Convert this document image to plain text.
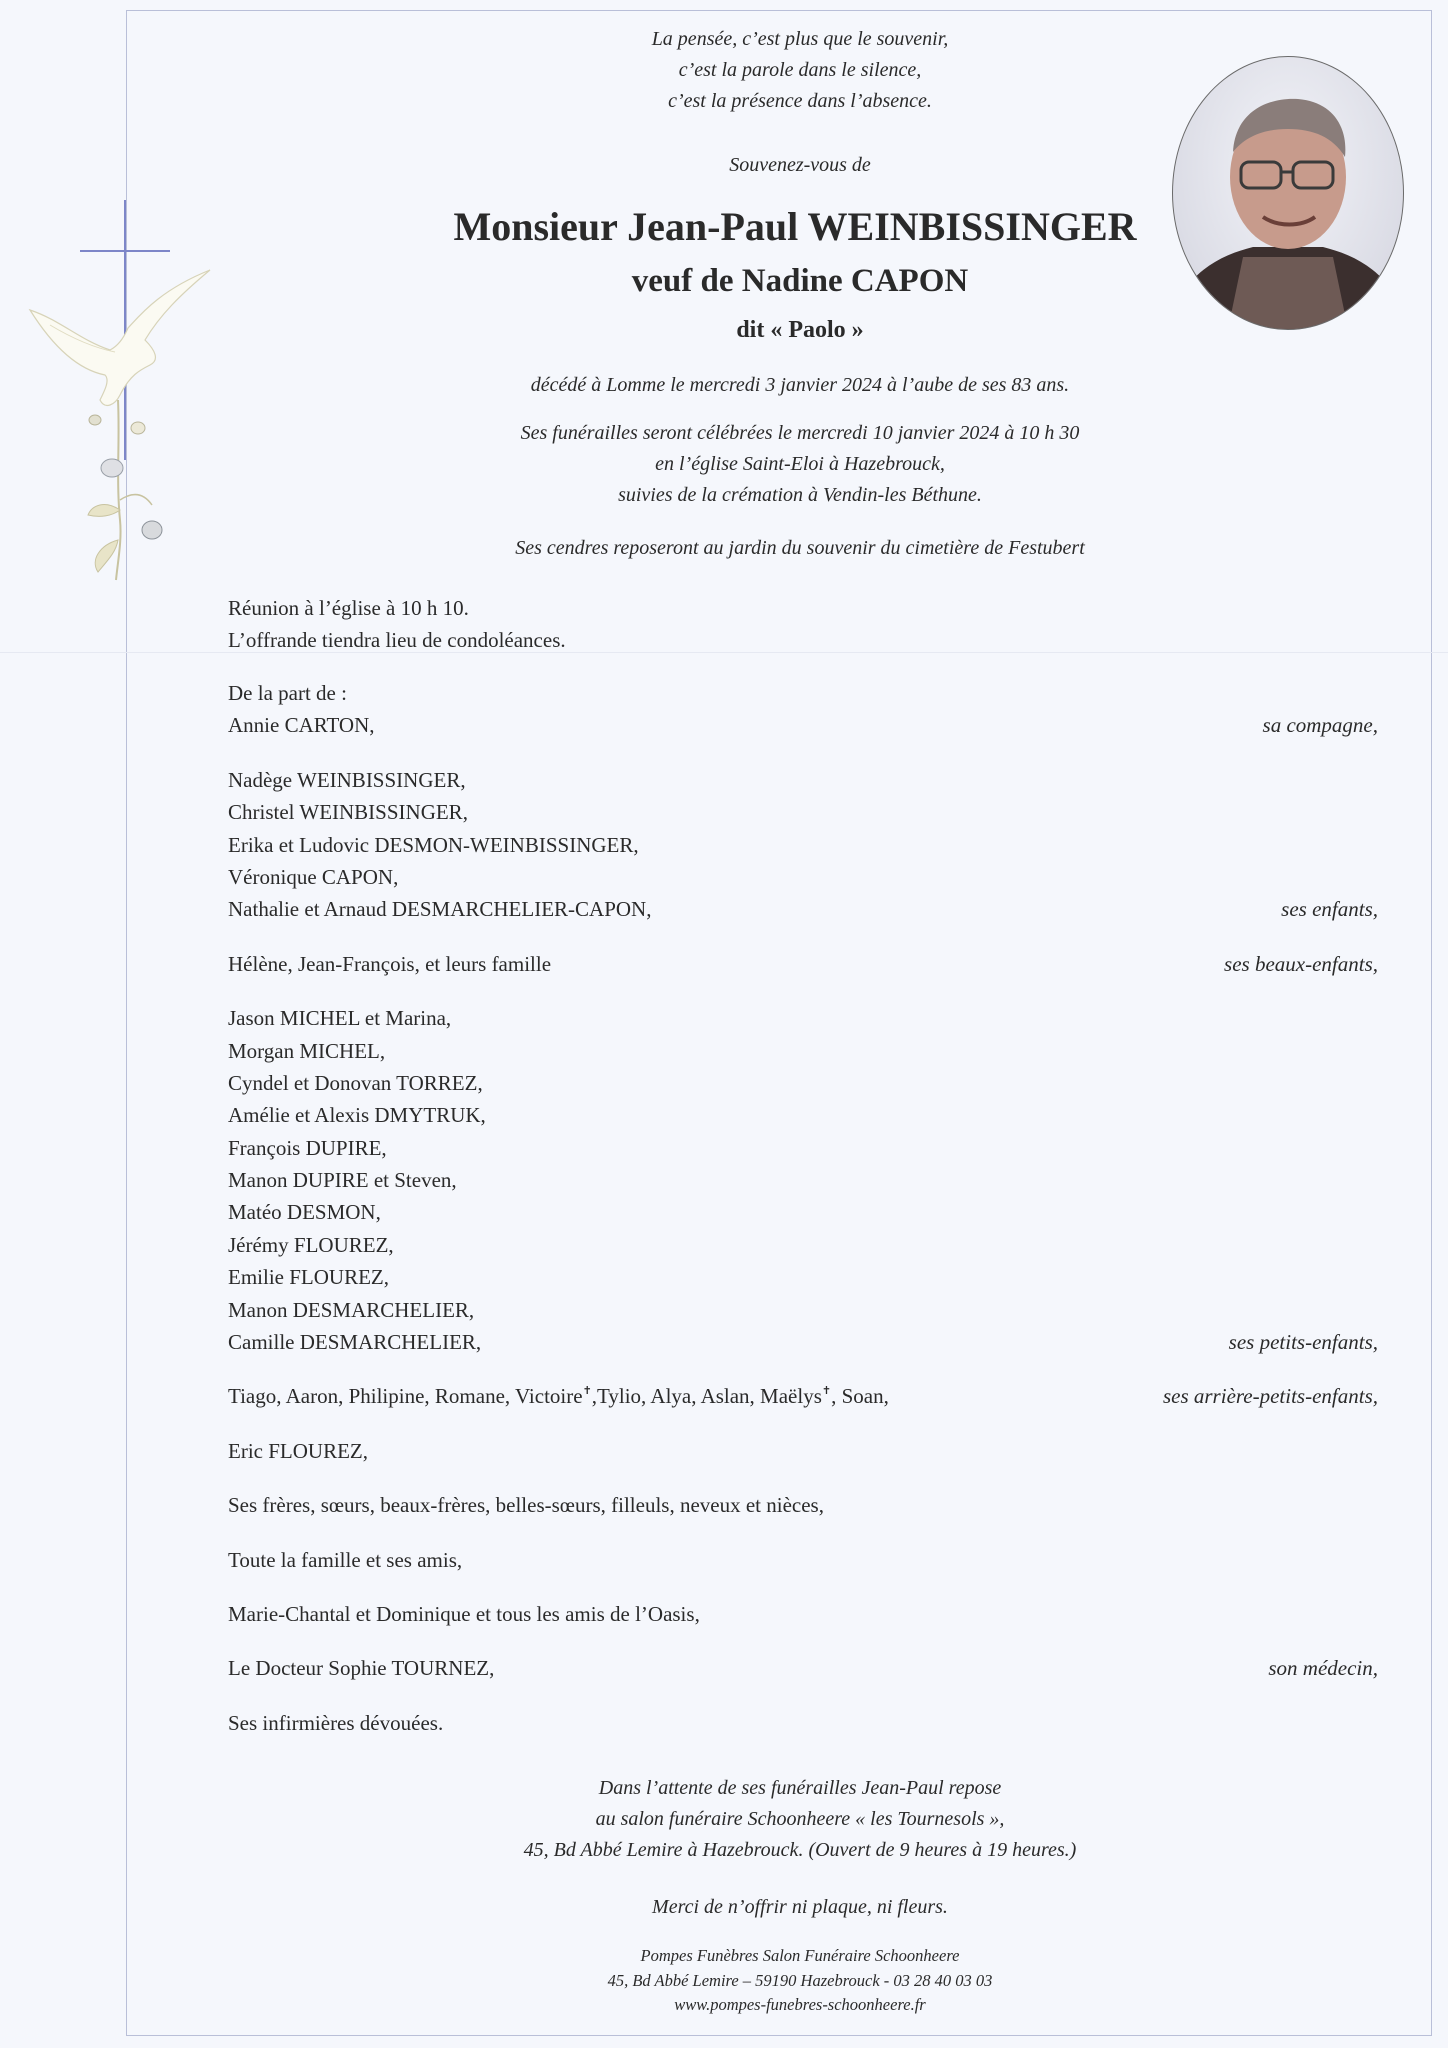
La pensée, c’est plus que le souvenir,
c’est la parole dans le silence,
c’est la présence dans l’absence.
Souvenez-vous de
Monsieur Jean-Paul WEINBISSINGER
veuf de Nadine CAPON
dit « Paolo »
décédé à Lomme le mercredi 3 janvier 2024 à l’aube de ses 83 ans.
Ses funérailles seront célébrées le mercredi 10 janvier 2024 à 10 h 30
en l’église Saint-Eloi à Hazebrouck,
suivies de la crémation à Vendin-les Béthune.
Ses cendres reposeront au jardin du souvenir du cimetière de Festubert
Réunion à l’église à 10 h 10.
L’offrande tiendra lieu de condoléances.
De la part de :
Annie CARTON,	sa compagne,
Nadège WEINBISSINGER,
Christel WEINBISSINGER,
Erika et Ludovic DESMON-WEINBISSINGER,
Véronique CAPON,
Nathalie et Arnaud DESMARCHELIER-CAPON,	ses enfants,
Hélène, Jean-François, et leurs famille	ses beaux-enfants,
Jason MICHEL et Marina,
Morgan MICHEL,
Cyndel et Donovan TORREZ,
Amélie et Alexis DMYTRUK,
François DUPIRE,
Manon DUPIRE et Steven,
Matéo DESMON,
Jérémy FLOUREZ,
Emilie FLOUREZ,
Manon DESMARCHELIER,
Camille DESMARCHELIER,	ses petits-enfants,
Tiago, Aaron, Philipine, Romane, Victoire✝,Tylio, Alya, Aslan, Maëlys✝, Soan,	ses arrière-petits-enfants,
Eric FLOUREZ,
Ses frères, sœurs, beaux-frères, belles-sœurs, filleuls, neveux et nièces,
Toute la famille et ses amis,
Marie-Chantal et Dominique et tous les amis de l’Oasis,
Le Docteur Sophie TOURNEZ,	son médecin,
Ses infirmières dévouées.
Dans l’attente de ses funérailles Jean-Paul repose
au salon funéraire Schoonheere « les Tournesols »,
45, Bd Abbé Lemire à Hazebrouck. (Ouvert de 9 heures à 19 heures.)
Merci de n’offrir ni plaque, ni fleurs.
Pompes Funèbres Salon Funéraire Schoonheere
45, Bd Abbé Lemire – 59190 Hazebrouck - 03 28 40 03 03
www.pompes-funebres-schoonheere.fr
